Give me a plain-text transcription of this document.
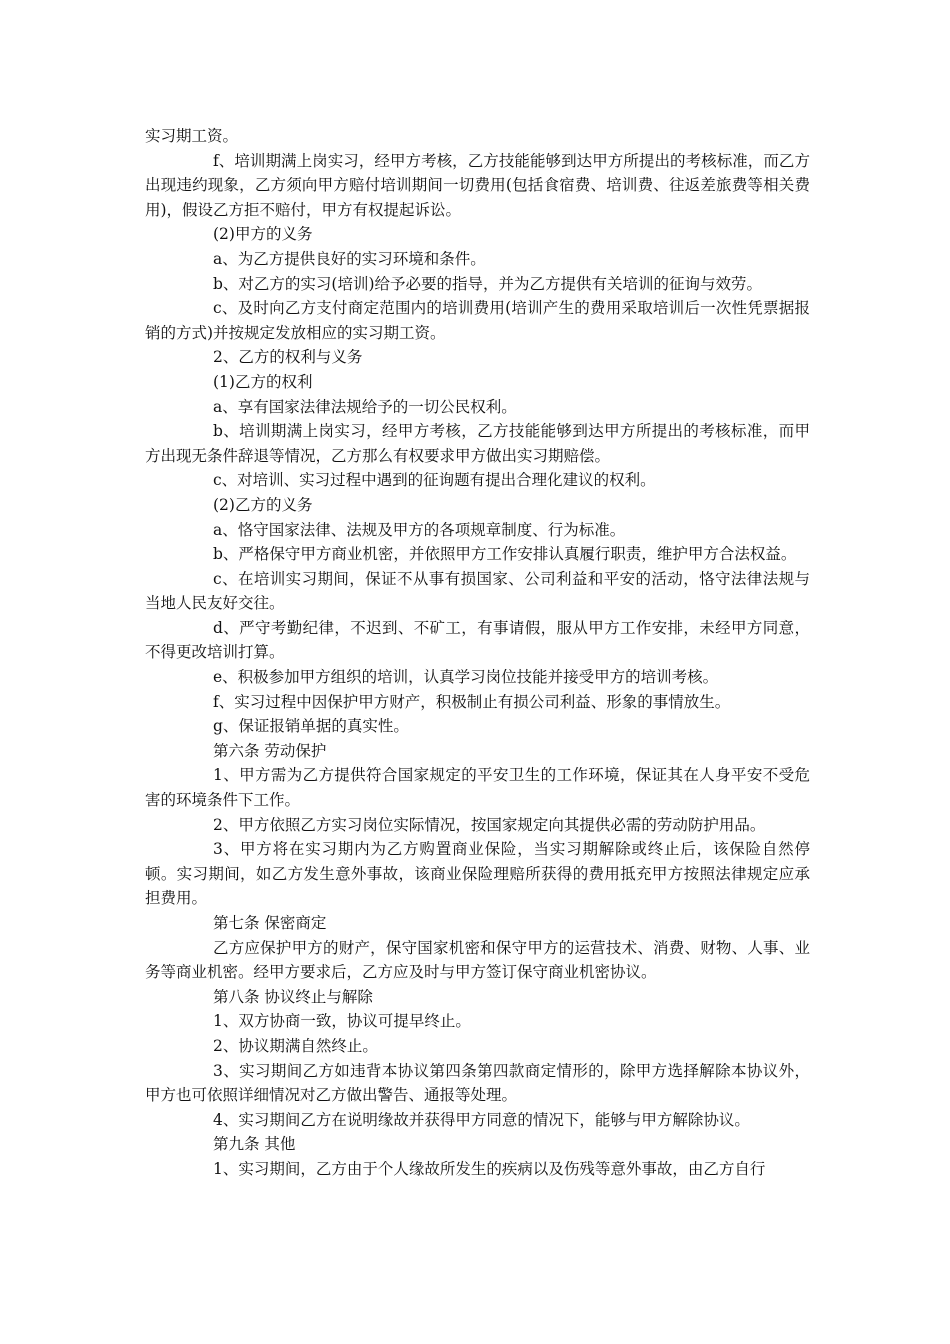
实习期工资。

f、培训期满上岗实习，经甲方考核，乙方技能能够到达甲方所提出的考核标准，而乙方出现违约现象，乙方须向甲方赔付培训期间一切费用(包括食宿费、培训费、往返差旅费等相关费用)，假设乙方拒不赔付，甲方有权提起诉讼。

(2)甲方的义务

a、为乙方提供良好的实习环境和条件。

b、对乙方的实习(培训)给予必要的指导，并为乙方提供有关培训的征询与效劳。

c、及时向乙方支付商定范围内的培训费用(培训产生的费用采取培训后一次性凭票据报销的方式)并按规定发放相应的实习期工资。

2、乙方的权利与义务

(1)乙方的权利

a、享有国家法律法规给予的一切公民权利。

b、培训期满上岗实习，经甲方考核，乙方技能能够到达甲方所提出的考核标准，而甲方出现无条件辞退等情况，乙方那么有权要求甲方做出实习期赔偿。

c、对培训、实习过程中遇到的征询题有提出合理化建议的权利。

(2)乙方的义务

a、恪守国家法律、法规及甲方的各项规章制度、行为标准。

b、严格保守甲方商业机密，并依照甲方工作安排认真履行职责，维护甲方合法权益。

c、在培训实习期间，保证不从事有损国家、公司利益和平安的活动，恪守法律法规与当地人民友好交往。

d、严守考勤纪律，不迟到、不矿工，有事请假，服从甲方工作安排，未经甲方同意，不得更改培训打算。

e、积极参加甲方组织的培训，认真学习岗位技能并接受甲方的培训考核。

f、实习过程中因保护甲方财产，积极制止有损公司利益、形象的事情放生。

g、保证报销单据的真实性。

第六条 劳动保护

1、甲方需为乙方提供符合国家规定的平安卫生的工作环境，保证其在人身平安不受危害的环境条件下工作。

2、甲方依照乙方实习岗位实际情况，按国家规定向其提供必需的劳动防护用品。

3、甲方将在实习期内为乙方购置商业保险，当实习期解除或终止后，该保险自然停顿。实习期间，如乙方发生意外事故，该商业保险理赔所获得的费用抵充甲方按照法律规定应承担费用。

第七条 保密商定

乙方应保护甲方的财产，保守国家机密和保守甲方的运营技术、消费、财物、人事、业务等商业机密。经甲方要求后，乙方应及时与甲方签订保守商业机密协议。

第八条 协议终止与解除

1、双方协商一致，协议可提早终止。

2、协议期满自然终止。

3、实习期间乙方如违背本协议第四条第四款商定情形的，除甲方选择解除本协议外，甲方也可依照详细情况对乙方做出警告、通报等处理。

4、实习期间乙方在说明缘故并获得甲方同意的情况下，能够与甲方解除协议。

第九条 其他

1、实习期间，乙方由于个人缘故所发生的疾病以及伤残等意外事故，由乙方自行
